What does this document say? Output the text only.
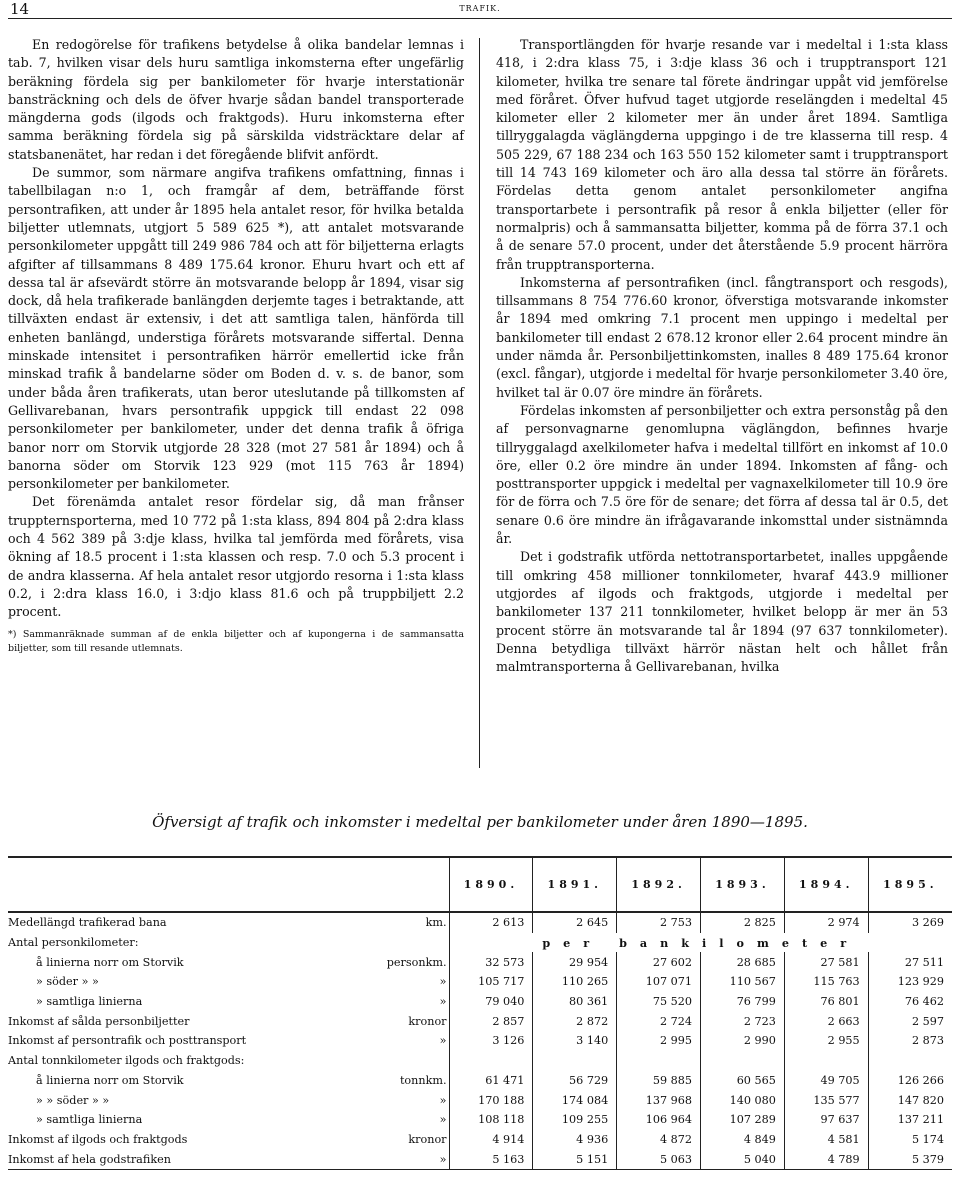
14	TRAFIK.

En redogörelse för trafikens betydelse å olika bandelar lemnas i tab. 7, hvilken visar dels huru samtliga inkomsterna efter ungefärlig beräkning fördela sig per bankilometer för hvarje interstationär bansträckning och dels de öfver hvarje sådan bandel transporterade mängderna gods (ilgods och fraktgods). Huru inkomsterna efter samma beräkning fördela sig på särskilda vidsträcktare delar af statsbanenätet, har redan i det föregående blifvit anfördt.

De summor, som närmare angifva trafikens omfattning, finnas i tabellbilagan n:o 1, och framgår af dem, beträffande först persontrafiken, att under år 1895 hela antalet resor, för hvilka betalda biljetter utlemnats, utgjort 5 589 625 *), att antalet motsvarande personkilometer uppgått till 249 986 784 och att för biljetterna erlagts afgifter af tillsammans 8 489 175.64 kronor. Ehuru hvart och ett af dessa tal är afsevärdt större än motsvarande belopp år 1894, visar sig dock, då hela trafikerade banlängden derjemte tages i betraktande, att tillväxten endast är extensiv, i det att samtliga talen, hänförda till enheten banlängd, understiga förårets motsvarande siffertal. Denna minskade intensitet i persontrafiken härrör emellertid icke från minskad trafik å bandelarne söder om Boden d. v. s. de banor, som under båda åren trafikerats, utan beror uteslutande på tillkomsten af Gellivarebanan, hvars persontrafik uppgick till endast 22 098 personkilometer per bankilometer, under det denna trafik å öfriga banor norr om Storvik utgjorde 28 328 (mot 27 581 år 1894) och å banorna söder om Storvik 123 929 (mot 115 763 år 1894) personkilometer per bankilometer.

Det förenämda antalet resor fördelar sig, då man frånser truppternsporterna, med 10 772 på 1:sta klass, 894 804 på 2:dra klass och 4 562 389 på 3:dje klass, hvilka tal jemförda med förårets, visa ökning af 18.5 procent i 1:sta klassen och resp. 7.0 och 5.3 procent i de andra klasserna. Af hela antalet resor utgjordo resorna i 1:sta klass 0.2, i 2:dra klass 16.0, i 3:djo klass 81.6 och på truppbiljett 2.2 procent.

*) Sammanräknade summan af de enkla biljetter och af kupongerna i de sammansatta biljetter, som till resande utlemnats.

Transportlängden för hvarje resande var i medeltal i 1:sta klass 418, i 2:dra klass 75, i 3:dje klass 36 och i trupptransport 121 kilometer, hvilka tre senare tal förete ändringar uppåt vid jemförelse med föråret. Öfver hufvud taget utgjorde reselängden i medeltal 45 kilometer eller 2 kilometer mer än under året 1894. Samtliga tillryggalagda väglängderna uppgingo i de tre klasserna till resp. 4 505 229, 67 188 234 och 163 550 152 kilometer samt i trupptransport till 14 743 169 kilometer och äro alla dessa tal större än förårets. Fördelas detta genom antalet personkilometer angifna transportarbete i persontrafik på resor å enkla biljetter (eller för normalpris) och å sammansatta biljetter, komma på de förra 37.1 och å de senare 57.0 procent, under det återstående 5.9 procent härröra från trupptransporterna.

Inkomsterna af persontrafiken (incl. fångtransport och resgods), tillsammans 8 754 776.60 kronor, öfverstiga motsvarande inkomster år 1894 med omkring 7.1 procent men uppingo i medeltal per bankilometer till endast 2 678.12 kronor eller 2.64 procent mindre än under nämda år. Personbiljettinkomsten, inalles 8 489 175.64 kronor (excl. fångar), utgjorde i medeltal för hvarje personkilometer 3.40 öre, hvilket tal är 0.07 öre mindre än förårets.

Fördelas inkomsten af personbiljetter och extra personståg på den af personvagnarne genomlupna väglängdon, befinnes hvarje tillryggalagd axelkilometer hafva i medeltal tillfört en inkomst af 10.0 öre, eller 0.2 öre mindre än under 1894. Inkomsten af fång- och posttransporter uppgick i medeltal per vagnaxelkilometer till 10.9 öre för de förra och 7.5 öre för de senare; det förra af dessa tal är 0.5, det senare 0.6 öre mindre än ifrågavarande inkomsttal under sistnämnda år.

Det i godstrafik utförda nettotransportarbetet, inalles uppgående till omkring 458 millioner tonnkilometer, hvaraf 443.9 millioner utgjordes af ilgods och fraktgods, utgjorde i medeltal per bankilometer 137 211 tonnkilometer, hvilket belopp är mer än 53 procent större än motsvarande tal år 1894 (97 637 tonnkilometer). Denna betydliga tillväxt härrör nästan helt och hållet från malmtransporterna å Gellivarebanan, hvilka

Öfversigt af trafik och inkomster i medeltal per bankilometer under åren 1890—1895.
	1890.	1891.	1892.	1893.	1894.	1895.
Medellängd trafikerad bana km.	2 613	2 645	2 753	2 825	2 974	3 269
Antal personkilometer:	per bankilometer					
å linierna norr om Storvik personkm.	32 573	29 954	27 602	28 685	27 581	27 511
» söder » » »	105 717	110 265	107 071	110 567	115 763	123 929
» samtliga linierna »	79 040	80 361	75 520	76 799	76 801	76 462
Inkomst af sålda personbiljetter kronor	2 857	2 872	2 724	2 723	2 663	2 597
Inkomst af persontrafik och posttransport »	3 126	3 140	2 995	2 990	2 955	2 873
Antal tonnkilometer ilgods och fraktgods:						
å linierna norr om Storvik tonnkm.	61 471	56 729	59 885	60 565	49 705	126 266
» » söder » » »	170 188	174 084	137 968	140 080	135 577	147 820
» samtliga linierna »	108 118	109 255	106 964	107 289	97 637	137 211
Inkomst af ilgods och fraktgods kronor	4 914	4 936	4 872	4 849	4 581	5 174
Inkomst af hela godstrafiken »	5 163	5 151	5 063	5 040	4 789	5 379
